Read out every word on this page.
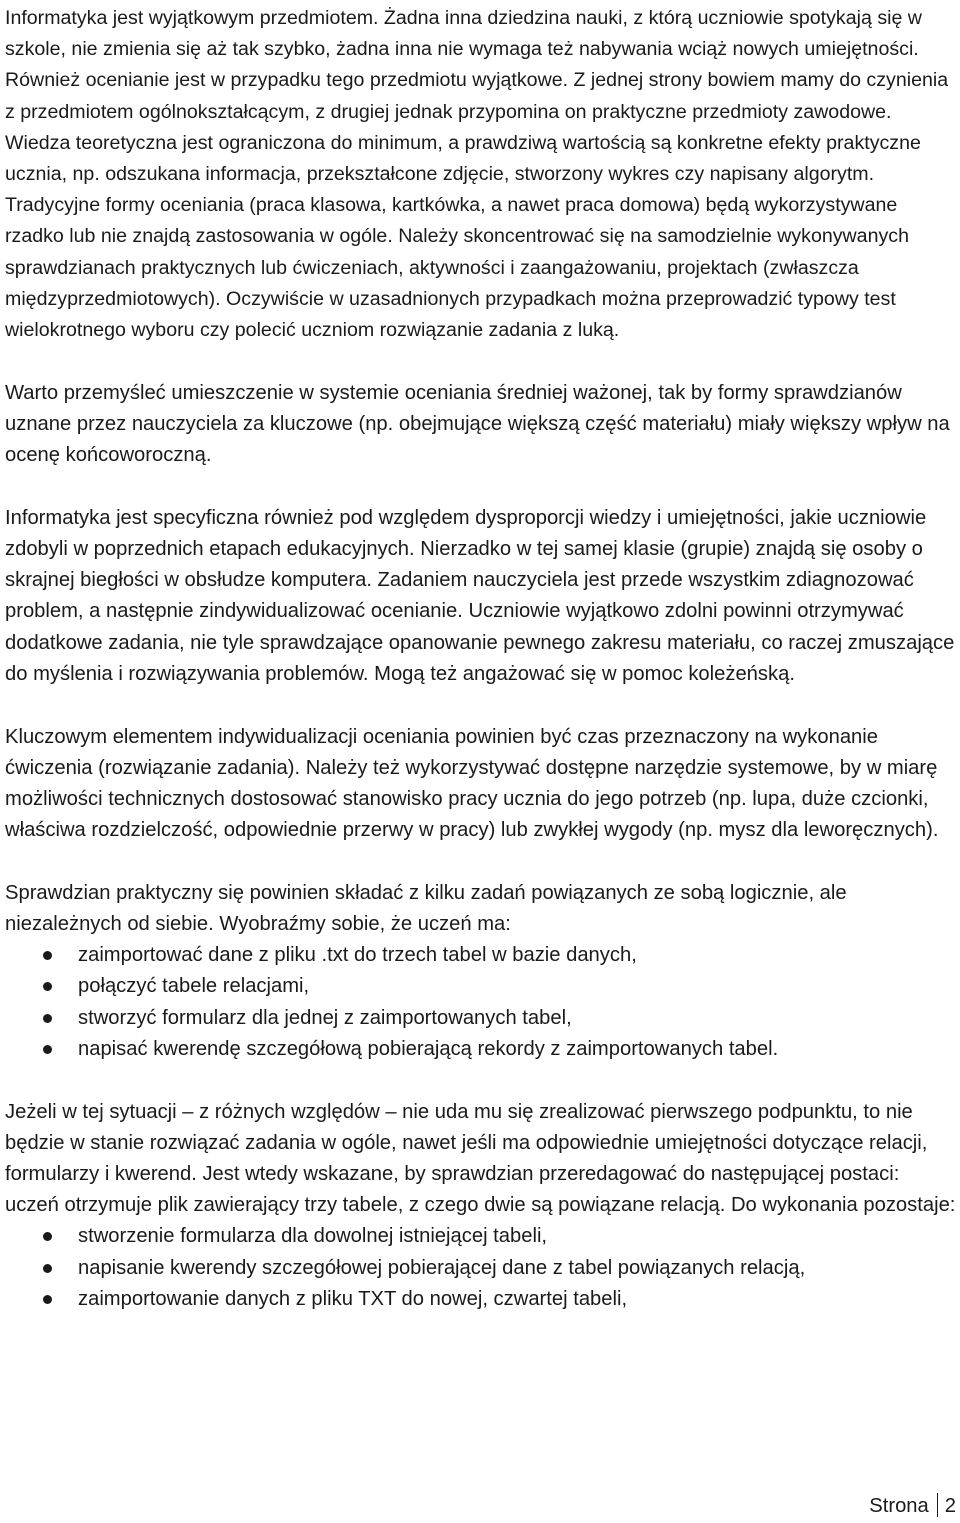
Informatyka jest wyjątkowym przedmiotem. Żadna inna dziedzina nauki, z którą uczniowie spotykają się w szkole, nie zmienia się aż tak szybko, żadna inna nie wymaga też nabywania wciąż nowych umiejętności. Również ocenianie jest w przypadku tego przedmiotu wyjątkowe. Z jednej strony bowiem mamy do czynienia z przedmiotem ogólnokształcącym, z drugiej jednak przypomina on praktyczne przedmioty zawodowe. Wiedza teoretyczna jest ograniczona do minimum, a prawdziwą wartością są konkretne efekty praktyczne ucznia, np. odszukana informacja, przekształcone zdjęcie, stworzony wykres czy napisany algorytm. Tradycyjne formy oceniania (praca klasowa, kartkówka, a nawet praca domowa) będą wykorzystywane rzadko lub nie znajdą zastosowania w ogóle. Należy skoncentrować się na samodzielnie wykonywanych sprawdzianach praktycznych lub ćwiczeniach, aktywności i zaangażowaniu, projektach (zwłaszcza międzyprzedmiotowych). Oczywiście w uzasadnionych przypadkach można przeprowadzić typowy test wielokrotnego wyboru czy polecić uczniom rozwiązanie zadania z luką.

Warto przemyśleć umieszczenie w systemie oceniania średniej ważonej, tak by formy sprawdzianów uznane przez nauczyciela za kluczowe (np. obejmujące większą część materiału) miały większy wpływ na ocenę końcoworoczną.

Informatyka jest specyficzna również pod względem dysproporcji wiedzy i umiejętności, jakie uczniowie zdobyli w poprzednich etapach edukacyjnych. Nierzadko w tej samej klasie (grupie) znajdą się osoby o skrajnej biegłości w obsłudze komputera. Zadaniem nauczyciela jest przede wszystkim zdiagnozować problem, a następnie zindywidualizować ocenianie. Uczniowie wyjątkowo zdolni powinni otrzymywać dodatkowe zadania, nie tyle sprawdzające opanowanie pewnego zakresu materiału, co raczej zmuszające do myślenia i rozwiązywania problemów. Mogą też angażować się w pomoc koleżeńską.

Kluczowym elementem indywidualizacji oceniania powinien być czas przeznaczony na wykonanie ćwiczenia (rozwiązanie zadania). Należy też wykorzystywać dostępne narzędzie systemowe, by w miarę możliwości technicznych dostosować stanowisko pracy ucznia do jego potrzeb (np. lupa, duże czcionki, właściwa rozdzielczość, odpowiednie przerwy w pracy) lub zwykłej wygody (np. mysz dla leworęcznych).

Sprawdzian praktyczny się powinien składać z kilku zadań powiązanych ze sobą logicznie, ale niezależnych od siebie. Wyobraźmy sobie, że uczeń ma:

zaimportować dane z pliku .txt do trzech tabel w bazie danych,
połączyć tabele relacjami,
stworzyć formularz dla jednej z zaimportowanych tabel,
napisać kwerendę szczegółową pobierającą rekordy z zaimportowanych tabel.

Jeżeli w tej sytuacji – z różnych względów – nie uda mu się zrealizować pierwszego podpunktu, to nie będzie w stanie rozwiązać zadania w ogóle, nawet jeśli ma odpowiednie umiejętności dotyczące relacji, formularzy i kwerend. Jest wtedy wskazane, by sprawdzian przeredagować do następującej postaci: uczeń otrzymuje plik zawierający trzy tabele, z czego dwie są powiązane relacją. Do wykonania pozostaje:

stworzenie formularza dla dowolnej istniejącej tabeli,
napisanie kwerendy szczegółowej pobierającej dane z tabel powiązanych relacją,
zaimportowanie danych z pliku TXT do nowej, czwartej tabeli,
Strona 2
